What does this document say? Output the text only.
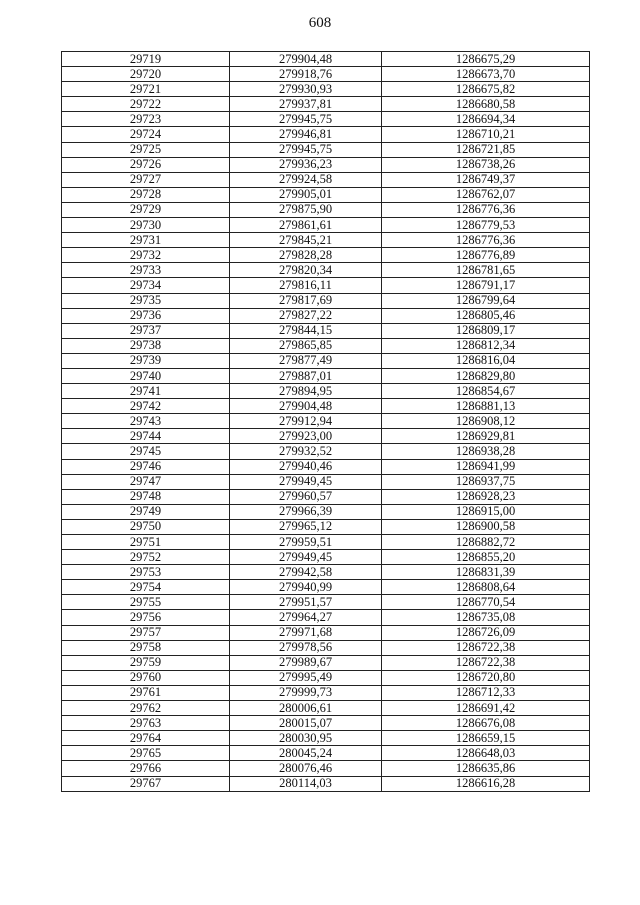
608
29719	279904,48	1286675,29
29720	279918,76	1286673,70
29721	279930,93	1286675,82
29722	279937,81	1286680,58
29723	279945,75	1286694,34
29724	279946,81	1286710,21
29725	279945,75	1286721,85
29726	279936,23	1286738,26
29727	279924,58	1286749,37
29728	279905,01	1286762,07
29729	279875,90	1286776,36
29730	279861,61	1286779,53
29731	279845,21	1286776,36
29732	279828,28	1286776,89
29733	279820,34	1286781,65
29734	279816,11	1286791,17
29735	279817,69	1286799,64
29736	279827,22	1286805,46
29737	279844,15	1286809,17
29738	279865,85	1286812,34
29739	279877,49	1286816,04
29740	279887,01	1286829,80
29741	279894,95	1286854,67
29742	279904,48	1286881,13
29743	279912,94	1286908,12
29744	279923,00	1286929,81
29745	279932,52	1286938,28
29746	279940,46	1286941,99
29747	279949,45	1286937,75
29748	279960,57	1286928,23
29749	279966,39	1286915,00
29750	279965,12	1286900,58
29751	279959,51	1286882,72
29752	279949,45	1286855,20
29753	279942,58	1286831,39
29754	279940,99	1286808,64
29755	279951,57	1286770,54
29756	279964,27	1286735,08
29757	279971,68	1286726,09
29758	279978,56	1286722,38
29759	279989,67	1286722,38
29760	279995,49	1286720,80
29761	279999,73	1286712,33
29762	280006,61	1286691,42
29763	280015,07	1286676,08
29764	280030,95	1286659,15
29765	280045,24	1286648,03
29766	280076,46	1286635,86
29767	280114,03	1286616,28
